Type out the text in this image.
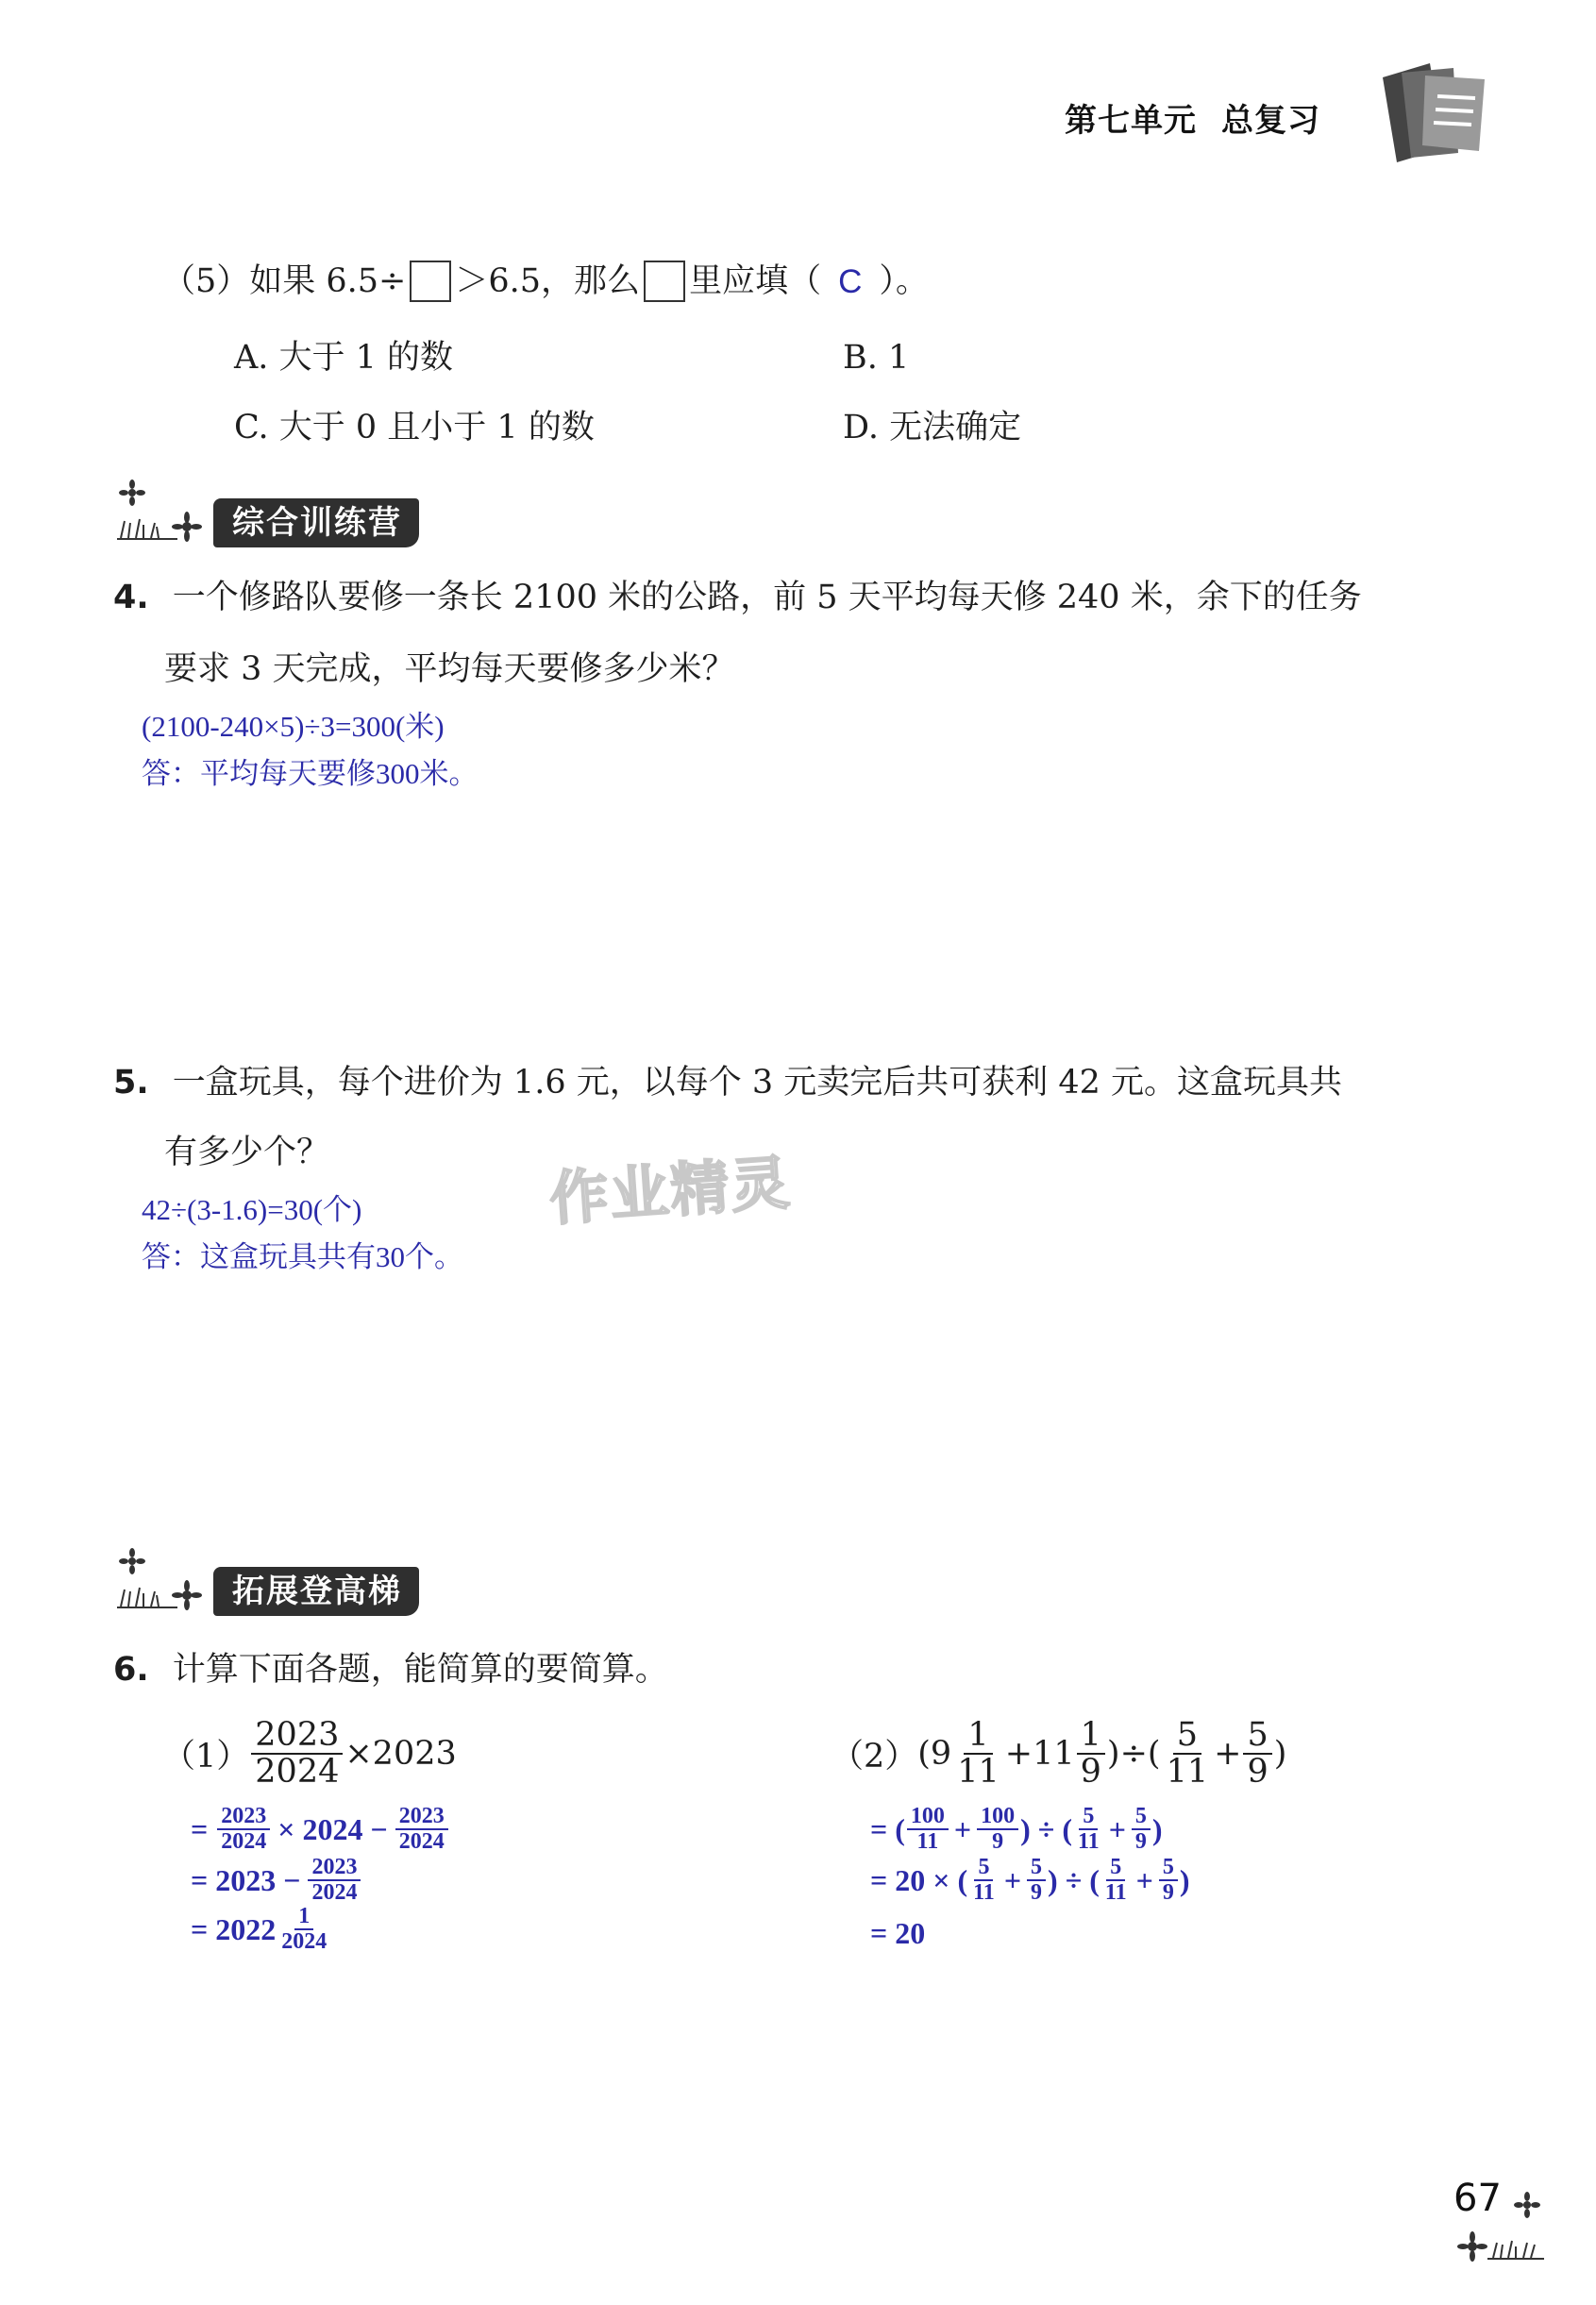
第七单元 总复习
（5）如果 6.5÷ ＞6.5，那么 里应填（ C ）。
A. 大于 1 的数	B. 1
C. 大于 0 且小于 1 的数	D. 无法确定
综合训练营
4. 一个修路队要修一条长 2100 米的公路，前 5 天平均每天修 240 米，余下的任务
要求 3 天完成，平均每天要修多少米？
(2100-240×5)÷3=300(米)
答：平均每天要修300米。
5. 一盒玩具，每个进价为 1.6 元，以每个 3 元卖完后共可获利 42 元。这盒玩具共
有多少个？	作业精灵
42÷(3-1.6)=30(个)
答：这盒玩具共有30个。
拓展登高梯
6. 计算下面各题，能简算的要简算。
$(1) \frac{2023}{2024} \times 2023$
= $\frac{2023}{2024} \times 2024 - \frac{2023}{2024}$
= $2023 - \frac{2023}{2024}$
= $2022 \frac{1}{2024}$
（2） ($9 \frac{1}{11} +11 \frac{1}{9}$ )÷( $\frac{5}{11} + \frac{5}{9}$ )
= ( $\frac{100}{11} + \frac{100}{9}$ ) ÷ ( $\frac{5}{11} + \frac{5}{9}$ )
= 20 × ( $\frac{5}{11} + \frac{5}{9}$ ) ÷ ( $\frac{5}{11} + \frac{5}{9}$ )
= 20
67
